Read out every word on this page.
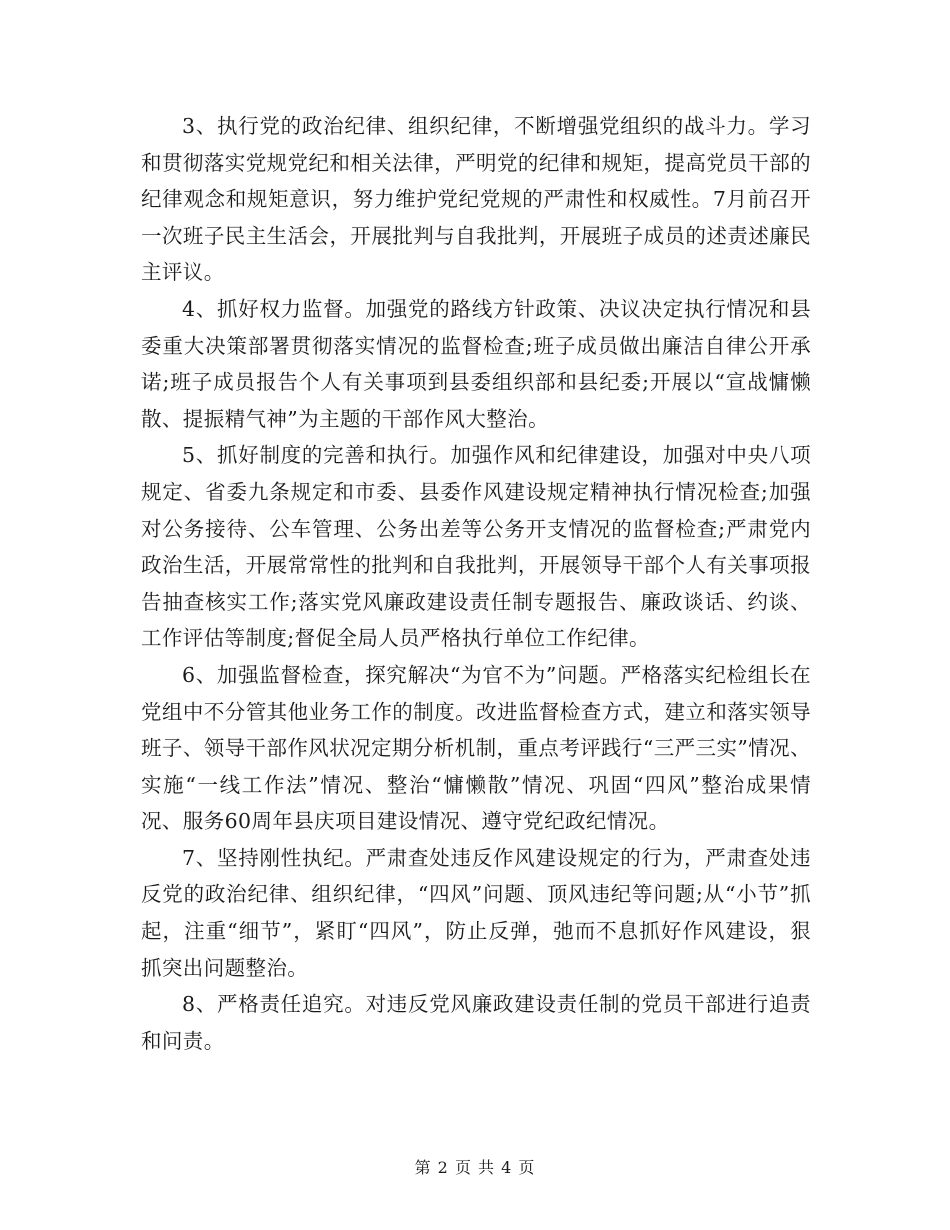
3、执行党的政治纪律、组织纪律，不断增强党组织的战斗力。学习和贯彻落实党规党纪和相关法律，严明党的纪律和规矩，提高党员干部的纪律观念和规矩意识，努力维护党纪党规的严肃性和权威性。7月前召开一次班子民主生活会，开展批判与自我批判，开展班子成员的述责述廉民主评议。

4、抓好权力监督。加强党的路线方针政策、决议决定执行情况和县委重大决策部署贯彻落实情况的监督检查;班子成员做出廉洁自律公开承诺;班子成员报告个人有关事项到县委组织部和县纪委;开展以“宣战慵懒散、提振精气神”为主题的干部作风大整治。

5、抓好制度的完善和执行。加强作风和纪律建设，加强对中央八项规定、省委九条规定和市委、县委作风建设规定精神执行情况检查;加强对公务接待、公车管理、公务出差等公务开支情况的监督检查;严肃党内政治生活，开展常常性的批判和自我批判，开展领导干部个人有关事项报告抽查核实工作;落实党风廉政建设责任制专题报告、廉政谈话、约谈、工作评估等制度;督促全局人员严格执行单位工作纪律。

6、加强监督检查，探究解决“为官不为”问题。严格落实纪检组长在党组中不分管其他业务工作的制度。改进监督检查方式，建立和落实领导班子、领导干部作风状况定期分析机制，重点考评践行“三严三实”情况、实施“一线工作法”情况、整治“慵懒散”情况、巩固“四风”整治成果情况、服务60周年县庆项目建设情况、遵守党纪政纪情况。

7、坚持刚性执纪。严肃查处违反作风建设规定的行为，严肃查处违反党的政治纪律、组织纪律，“四风”问题、顶风违纪等问题;从“小节”抓起，注重“细节”，紧盯“四风”，防止反弹，弛而不息抓好作风建设，狠抓突出问题整治。

8、严格责任追究。对违反党风廉政建设责任制的党员干部进行追责和问责。

第 2 页 共 4 页
